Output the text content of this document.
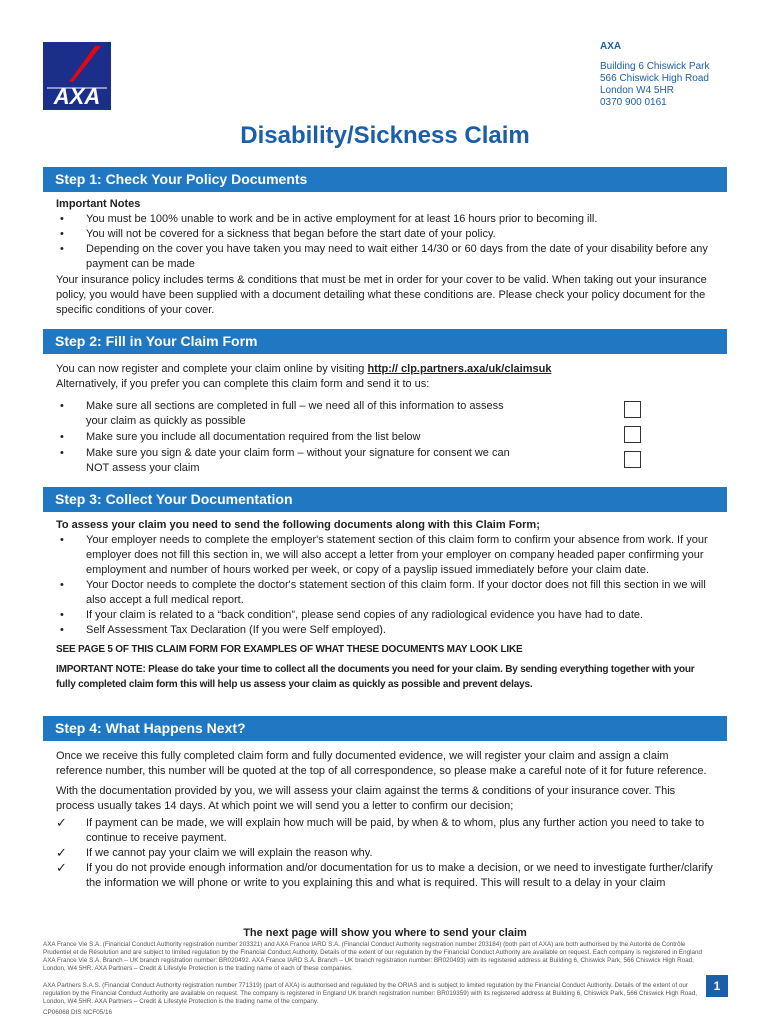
AXA
AXA
Building 6 Chiswick Park
566 Chiswick High Road
London W4 5HR
0370 900 0161
Disability/Sickness Claim
Step 1: Check Your Policy Documents
Important Notes
• You must be 100% unable to work and be in active employment for at least 16 hours prior to becoming ill.
• You will not be covered for a sickness that began before the start date of your policy.
• Depending on the cover you have taken you may need to wait either 14/30 or 60 days from the date of your disability before any payment can be made
Your insurance policy includes terms & conditions that must be met in order for your cover to be valid. When taking out your insurance policy, you would have been supplied with a document detailing what these conditions are. Please check your policy document for the specific conditions of your cover.
Step 2: Fill in Your Claim Form
You can now register and complete your claim online by visiting http:// clp.partners.axa/uk/claimsuk
Alternatively, if you prefer you can complete this claim form and send it to us:
• Make sure all sections are completed in full – we need all of this information to assess your claim as quickly as possible
• Make sure you include all documentation required from the list below
• Make sure you sign & date your claim form – without your signature for consent we can NOT assess your claim
Step 3: Collect Your Documentation
To assess your claim you need to send the following documents along with this Claim Form;
• Your employer needs to complete the employer's statement section of this claim form to confirm your absence from work. If your employer does not fill this section in, we will also accept a letter from your employer on company headed paper confirming your employment and number of hours worked per week, or copy of a payslip issued immediately before your claim date.
• Your Doctor needs to complete the doctor's statement section of this claim form. If your doctor does not fill this section in we will also accept a full medical report.
• If your claim is related to a “back condition”, please send copies of any radiological evidence you have had to date.
• Self Assessment Tax Declaration (If you were Self employed).
SEE PAGE 5 OF THIS CLAIM FORM FOR EXAMPLES OF WHAT THESE DOCUMENTS MAY LOOK LIKE
IMPORTANT NOTE: Please do take your time to collect all the documents you need for your claim. By sending everything together with your fully completed claim form this will help us assess your claim as quickly as possible and prevent delays.
Step 4: What Happens Next?
Once we receive this fully completed claim form and fully documented evidence, we will register your claim and assign a claim reference number, this number will be quoted at the top of all correspondence, so please make a careful note of it for future reference.
With the documentation provided by you, we will assess your claim against the terms & conditions of your insurance cover. This process usually takes 14 days. At which point we will send you a letter to confirm our decision;
✓ If payment can be made, we will explain how much will be paid, by when & to whom, plus any further action you need to take to continue to receive payment.
✓ If we cannot pay your claim we will explain the reason why.
✓ If you do not provide enough information and/or documentation for us to make a decision, or we need to investigate further/clarify the information we will phone or write to you explaining this and what is required. This will result to a delay in your claim
The next page will show you where to send your claim
AXA France Vie S.A. (Financial Conduct Authority registration number 203321) and AXA France IARD S.A. (Financial Conduct Authority registration number 203184) (both part of AXA) are both authorised by the Autorité de Contrôle Prudentiel et de Résolution and are subject to limited regulation by the Financial Conduct Authority. Details of the extent of our regulation by the Financial Conduct Authority are available on request. Each company is registered in England AXA France Vie S.A. Branch – UK branch registration number: BR020492. AXA France IARD S.A. Branch – UK branch registration number: BR020493) with its registered address at Building 6, Chiswick Park, 566 Chiswick High Road, London, W4 5HR. AXA Partners – Credit & Lifestyle Protection is the trading name of each of these companies.
AXA Partners S.A.S. (Financial Conduct Authority registration number 771319) (part of AXA) is authorised and regulated by the ORIAS and is subject to limited regulation by the Financial Conduct Authority. Details of the extent of our regulation by the Financial Conduct Authority are available on request. The company is registered in England UK branch registration number: BR019359) with its registered address at Building 6, Chiswick Park, 566 Chiswick High Road, London, W4 5HR. AXA Partners – Credit & Lifestyle Protection is the trading name of the company.
CP06068 DIS NCF05/16
1
